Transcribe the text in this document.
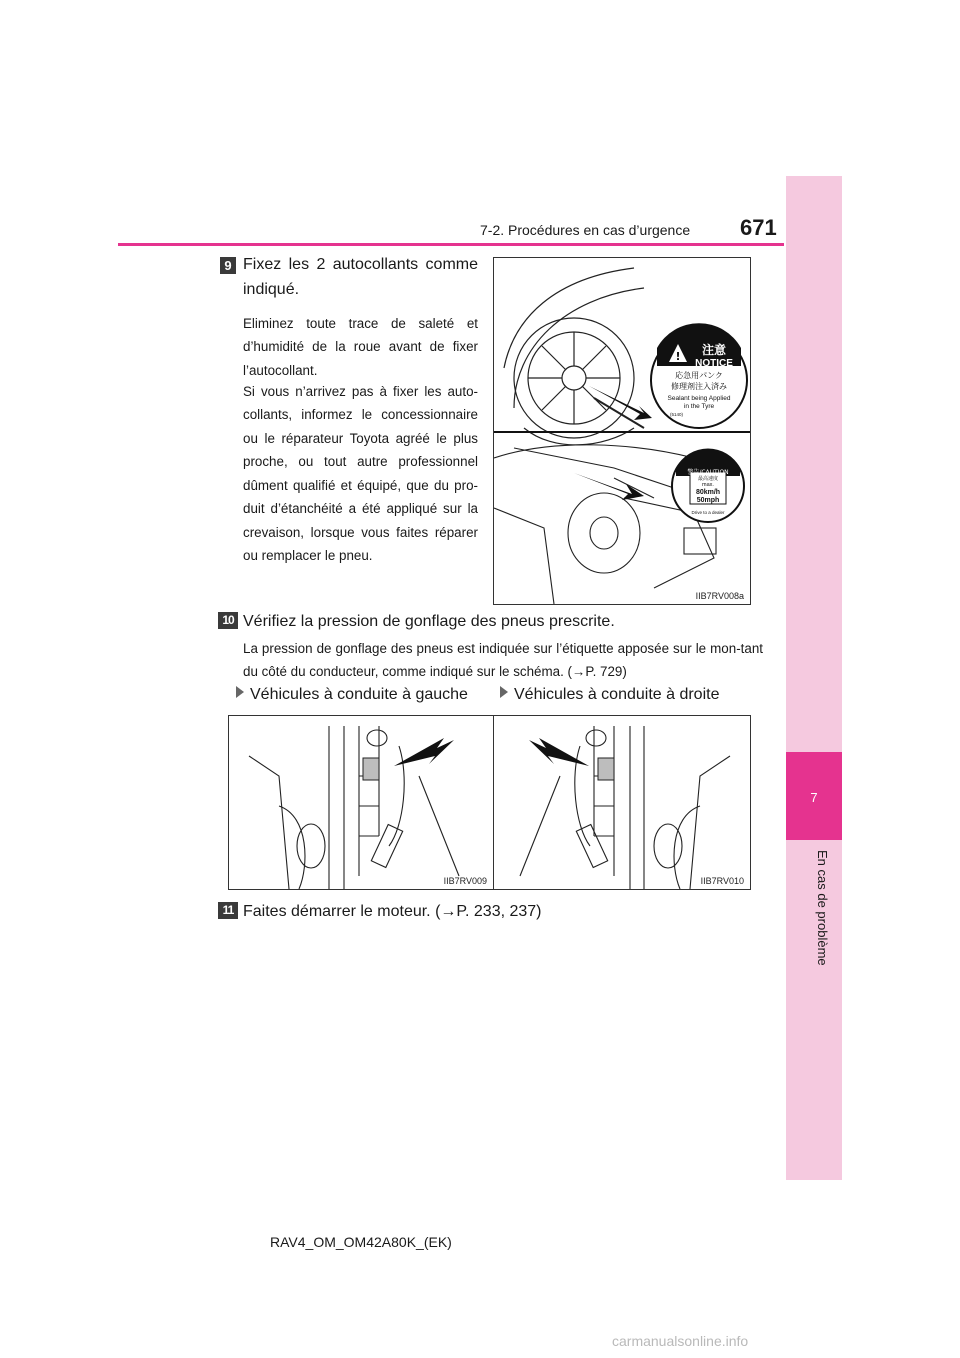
7-2. Procédures en cas d’urgence	671
7
En cas de problème
9 Fixez les 2 autocollants comme indiqué.
Eliminez toute trace de saleté et d’humidité de la roue avant de fixer l’autocollant.
Si vous n’arrivez pas à fixer les auto-collants, informez le concessionnaire ou le réparateur Toyota agréé le plus proche, ou tout autre professionnel dûment qualifié et équipé, que du pro-duit d’étanchéité a été appliqué sur la crevaison, lorsque vous faites réparer ou remplacer le pneu.
! 注意
NOTICE
応急用パンク
修理剤注入済み
Sealant being Applied
in the Tyre
(5140)
警告/CAUTION
最高速度
max.
80km/h
50mph
Drive to a dealer
IIB7RV008a
10 Vérifiez la pression de gonflage des pneus prescrite.
La pression de gonflage des pneus est indiquée sur l’étiquette apposée sur le mon-tant du côté du conducteur, comme indiqué sur le schéma. (→P. 729)
Véhicules à conduite à gauche	Véhicules à conduite à droite
IIB7RV009	IIB7RV010
11 Faites démarrer le moteur. (→P. 233, 237)
RAV4_OM_OM42A80K_(EK)
carmanualsonline.info
